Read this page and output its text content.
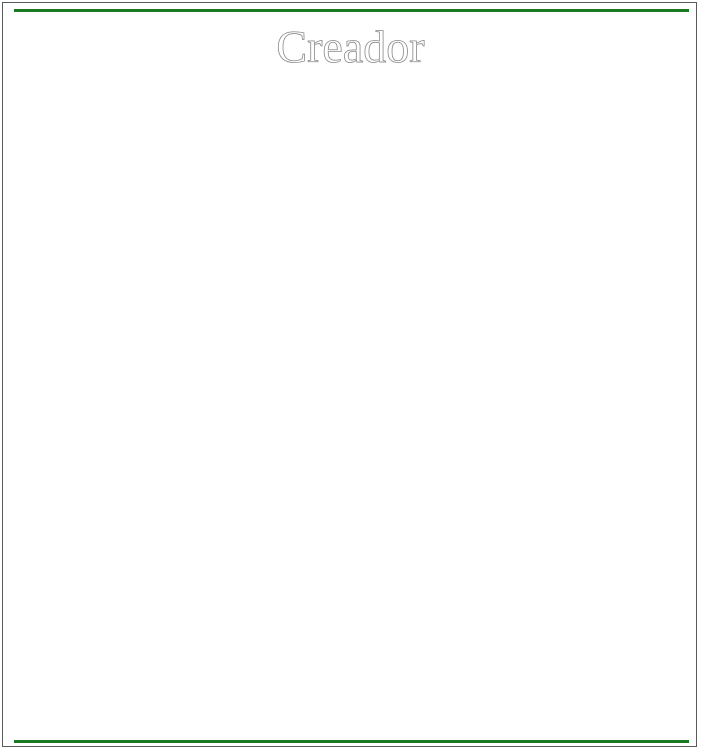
Creador
